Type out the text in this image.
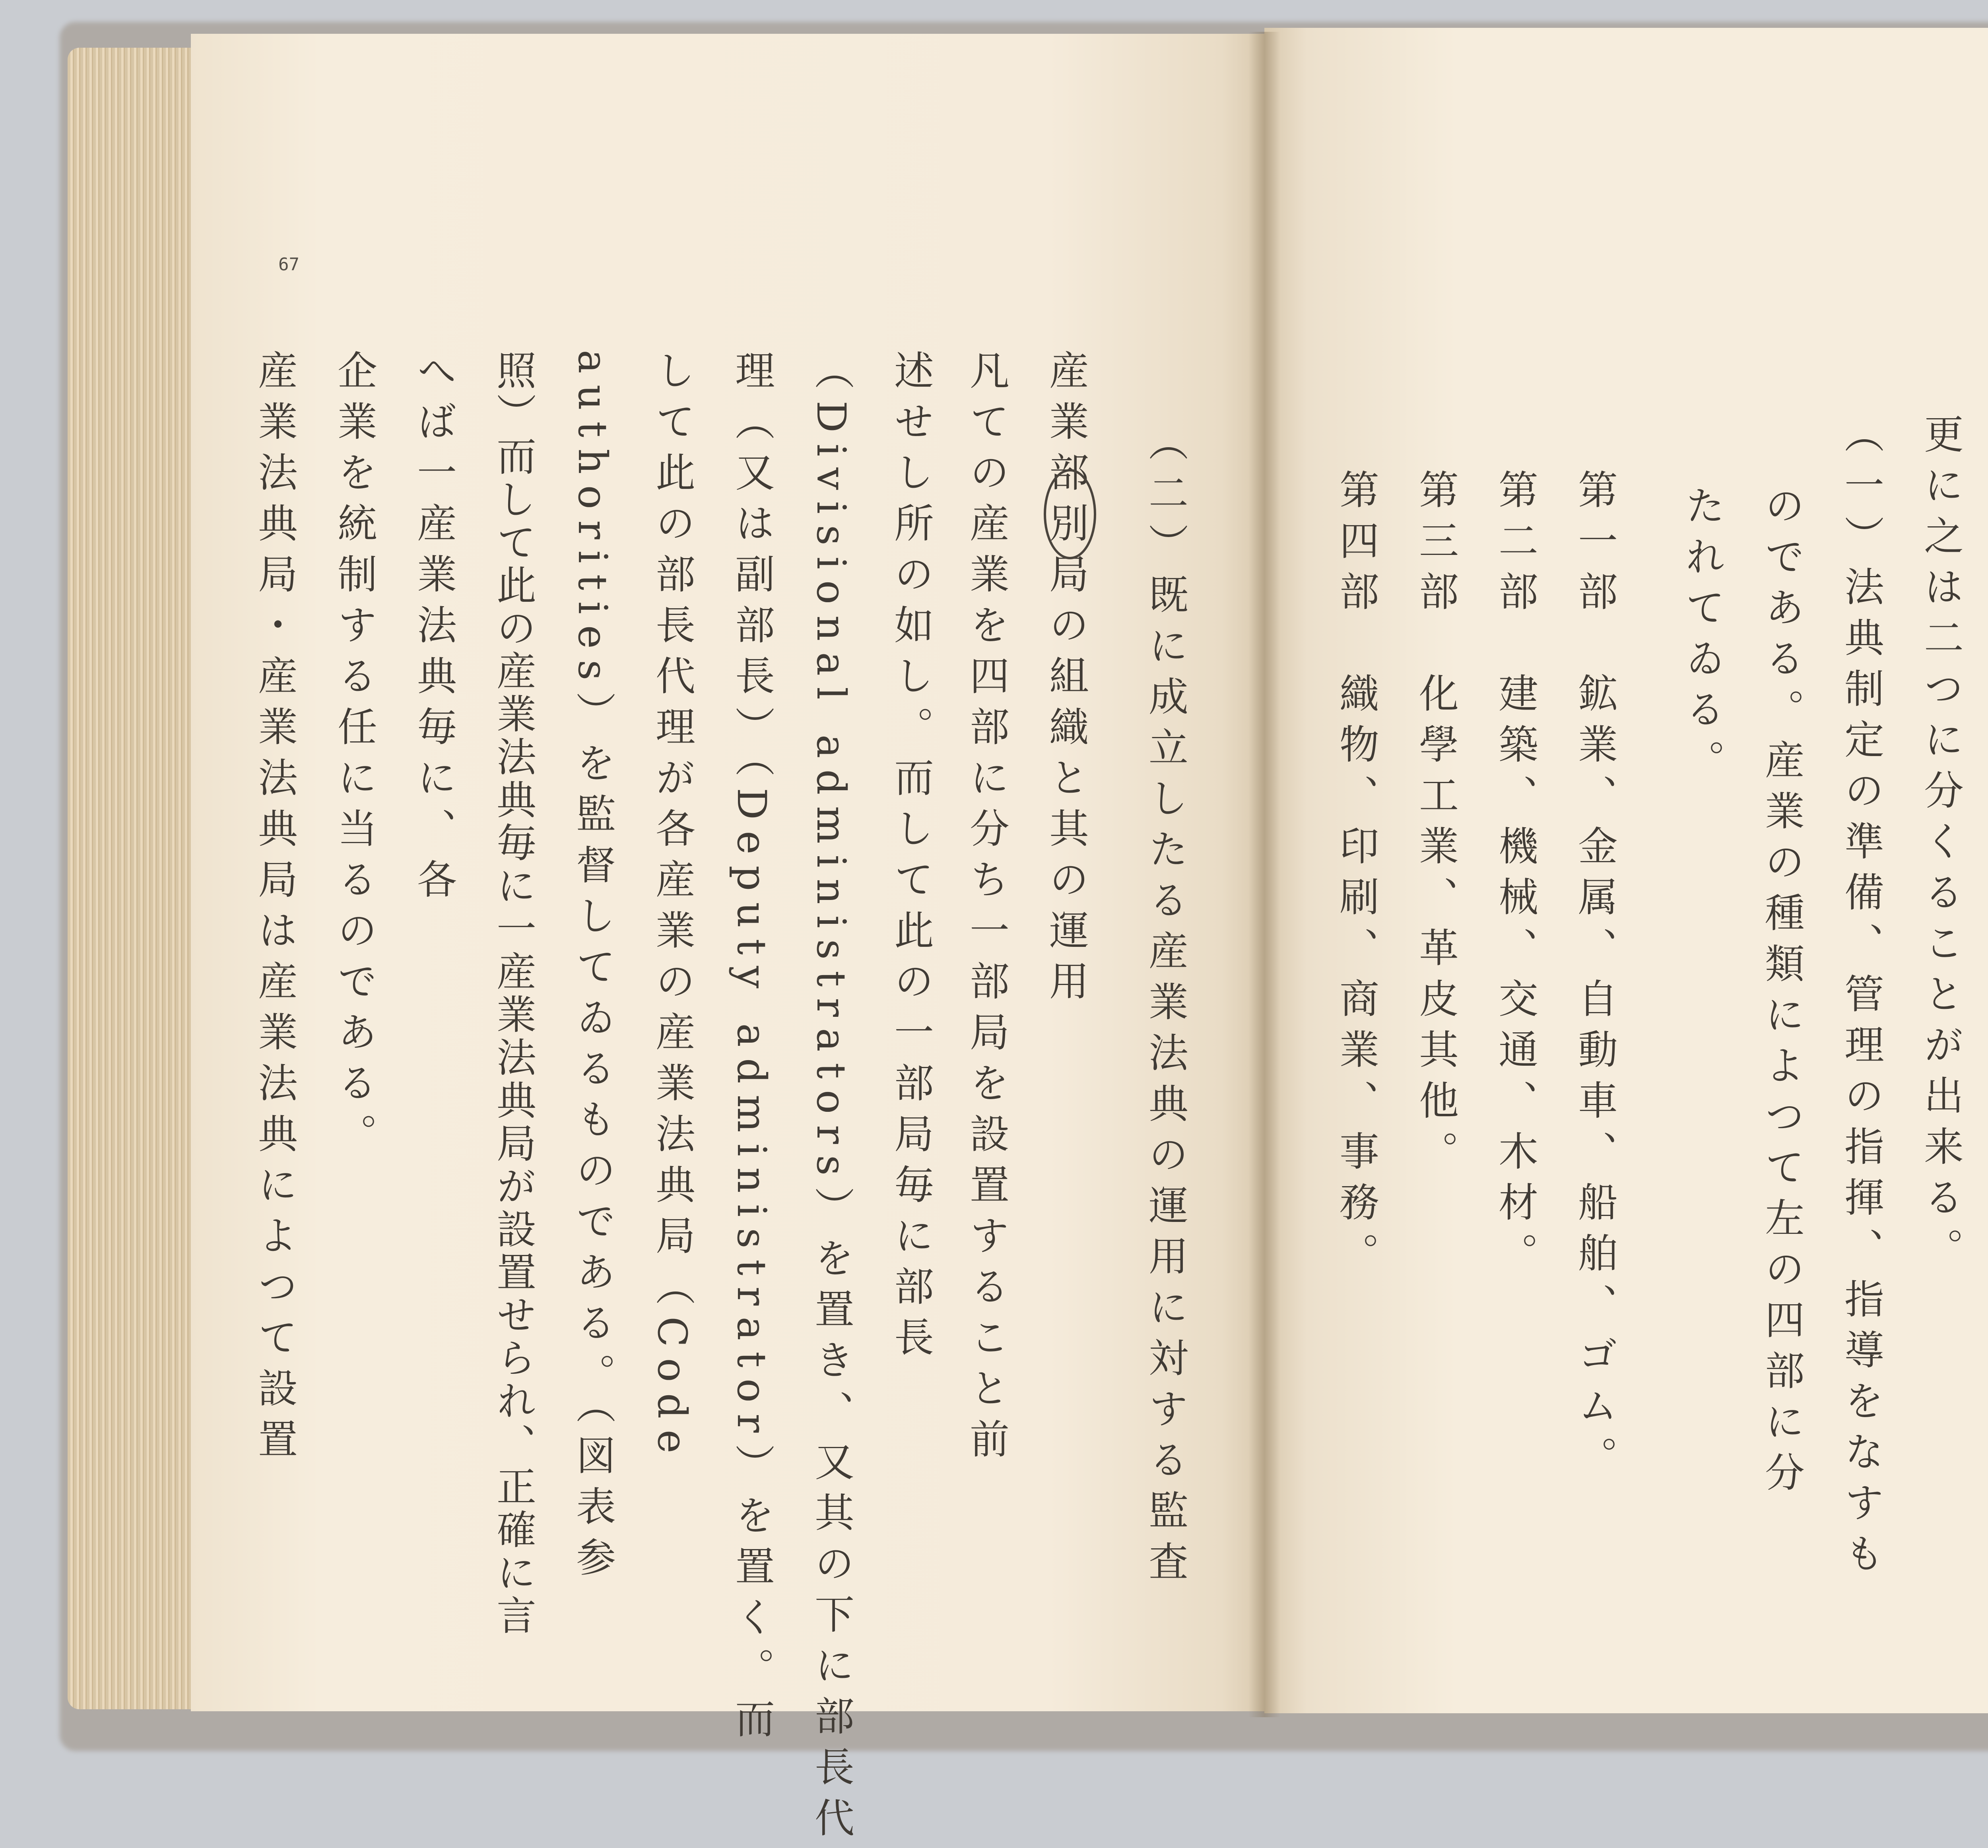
67
（二）既に成立したる産業法典の運用に対する監査
産業部別局の組織と其の運用
凡ての産業を四部に分ち一部局を設置すること前
述せし所の如し。而して此の一部局毎に部長
（Divisional administrators）を置き、又其の下に部長代
理（又は副部長）（Deputy administrator）を置く。而
して此の部長代理が各産業の産業法典局（Code
authorities）を監督してゐるものである。（図表参
照）而して此の産業法典毎に一産業法典局が設置せられ、正確に言
へば一産業法典毎に、各
企業を統制する任に当るのである。
産業法典局・産業法典局は産業法典によつて設置	更に之は二つに分くることが出来る。
（一）法典制定の準備、管理の指揮、指導をなすも
のである。産業の種類によつて左の四部に分
たれてゐる。
第一部　鉱業、金属、自動車、船舶、ゴム。
第二部　建築、機械、交通、木材。
第三部　化學工業、革皮其他。
第四部　織物、印刷、商業、事務。
